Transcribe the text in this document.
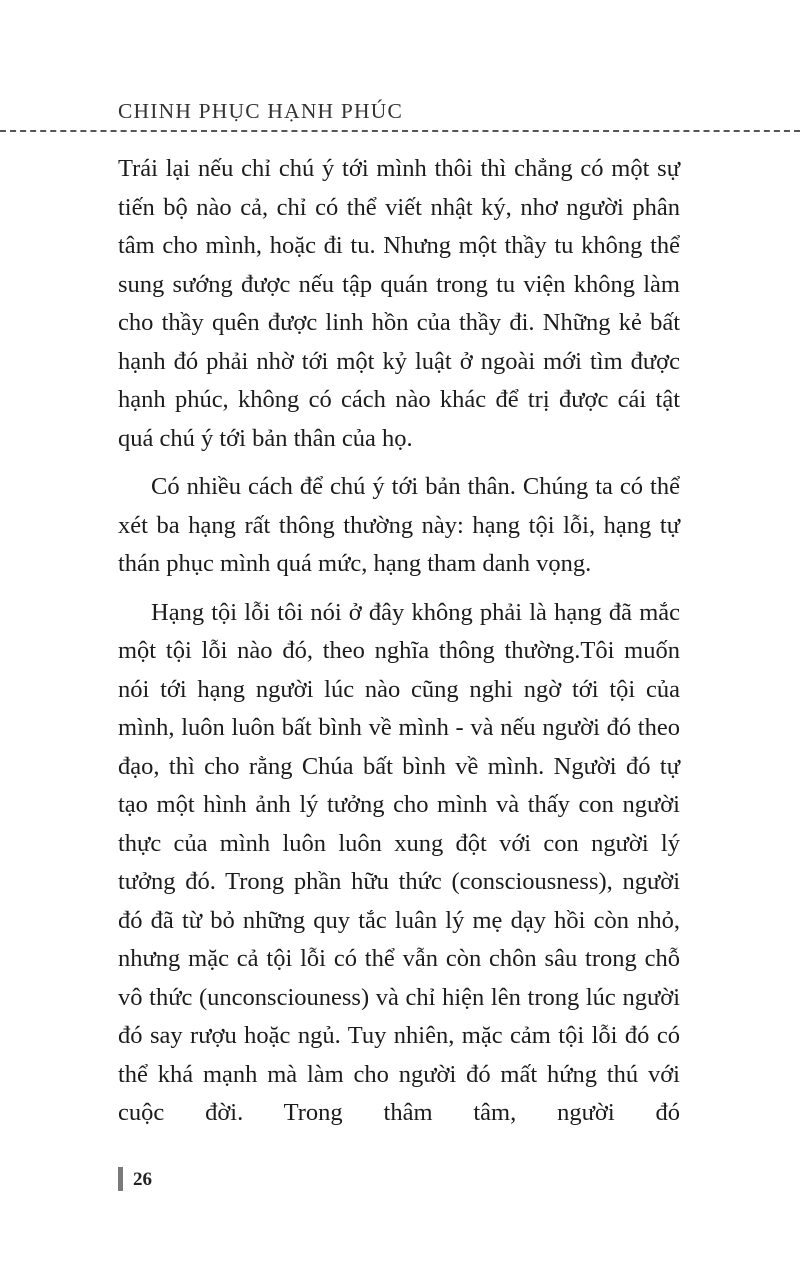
CHINH PHỤC HẠNH PHÚC

Trái lại nếu chỉ chú ý tới mình thôi thì chẳng có một sự tiến bộ nào cả, chỉ có thể viết nhật ký, nhơ người phân tâm cho mình, hoặc đi tu. Nhưng một thầy tu không thể sung sướng được nếu tập quán trong tu viện không làm cho thầy quên được linh hồn của thầy đi. Những kẻ bất hạnh đó phải nhờ tới một kỷ luật ở ngoài mới tìm được hạnh phúc, không có cách nào khác để trị được cái tật quá chú ý tới bản thân của họ.

Có nhiều cách để chú ý tới bản thân. Chúng ta có thể xét ba hạng rất thông thường này: hạng tội lỗi, hạng tự thán phục mình quá mức, hạng tham danh vọng.

Hạng tội lỗi tôi nói ở đây không phải là hạng đã mắc một tội lỗi nào đó, theo nghĩa thông thường.Tôi muốn nói tới hạng người lúc nào cũng nghi ngờ tới tội của mình, luôn luôn bất bình về mình - và nếu người đó theo đạo, thì cho rằng Chúa bất bình về mình. Người đó tự tạo một hình ảnh lý tưởng cho mình và thấy con người thực của mình luôn luôn xung đột với con người lý tưởng đó. Trong phần hữu thức (consciousness), người đó đã từ bỏ những quy tắc luân lý mẹ dạy hồi còn nhỏ, nhưng mặc cả tội lỗi có thể vẫn còn chôn sâu trong chỗ vô thức (unconsciouness) và chỉ hiện lên trong lúc người đó say rượu hoặc ngủ. Tuy nhiên, mặc cảm tội lỗi đó có thể khá mạnh mà làm cho người đó mất hứng thú với cuộc đời. Trong thâm tâm, người đó

26
